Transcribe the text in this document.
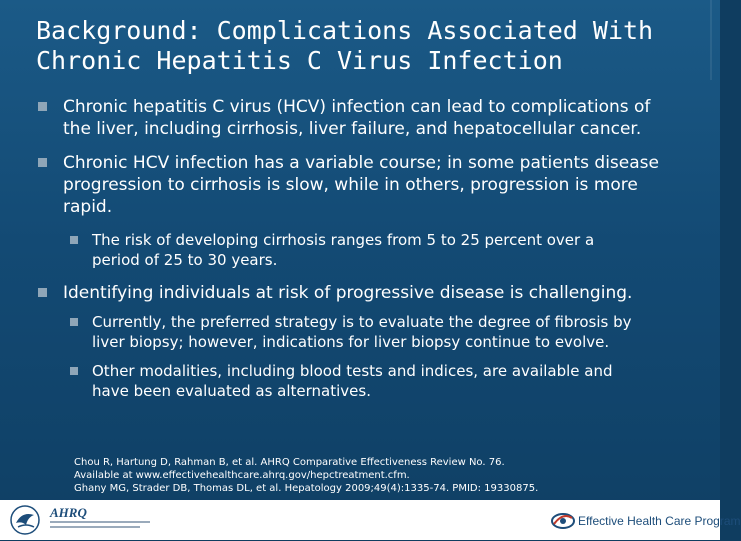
Background: Complications Associated With
Chronic Hepatitis C Virus Infection
Chronic hepatitis C virus (HCV) infection can lead to complications of
the liver, including cirrhosis, liver failure, and hepatocellular cancer.
Chronic HCV infection has a variable course; in some patients disease
progression to cirrhosis is slow, while in others, progression is more
rapid.
The risk of developing cirrhosis ranges from 5 to 25 percent over a
period of 25 to 30 years.
Identifying individuals at risk of progressive disease is challenging.
Currently, the preferred strategy is to evaluate the degree of fibrosis by
liver biopsy; however, indications for liver biopsy continue to evolve.
Other modalities, including blood tests and indices, are available and
have been evaluated as alternatives.
Chou R, Hartung D, Rahman B, et al. AHRQ Comparative Effectiveness Review No. 76.
Available at www.effectivehealthcare.ahrq.gov/hepctreatment.cfm.
Ghany MG, Strader DB, Thomas DL, et al. Hepatology 2009;49(4):1335-74. PMID: 19330875.
AHRQ
Effective Health Care Program
